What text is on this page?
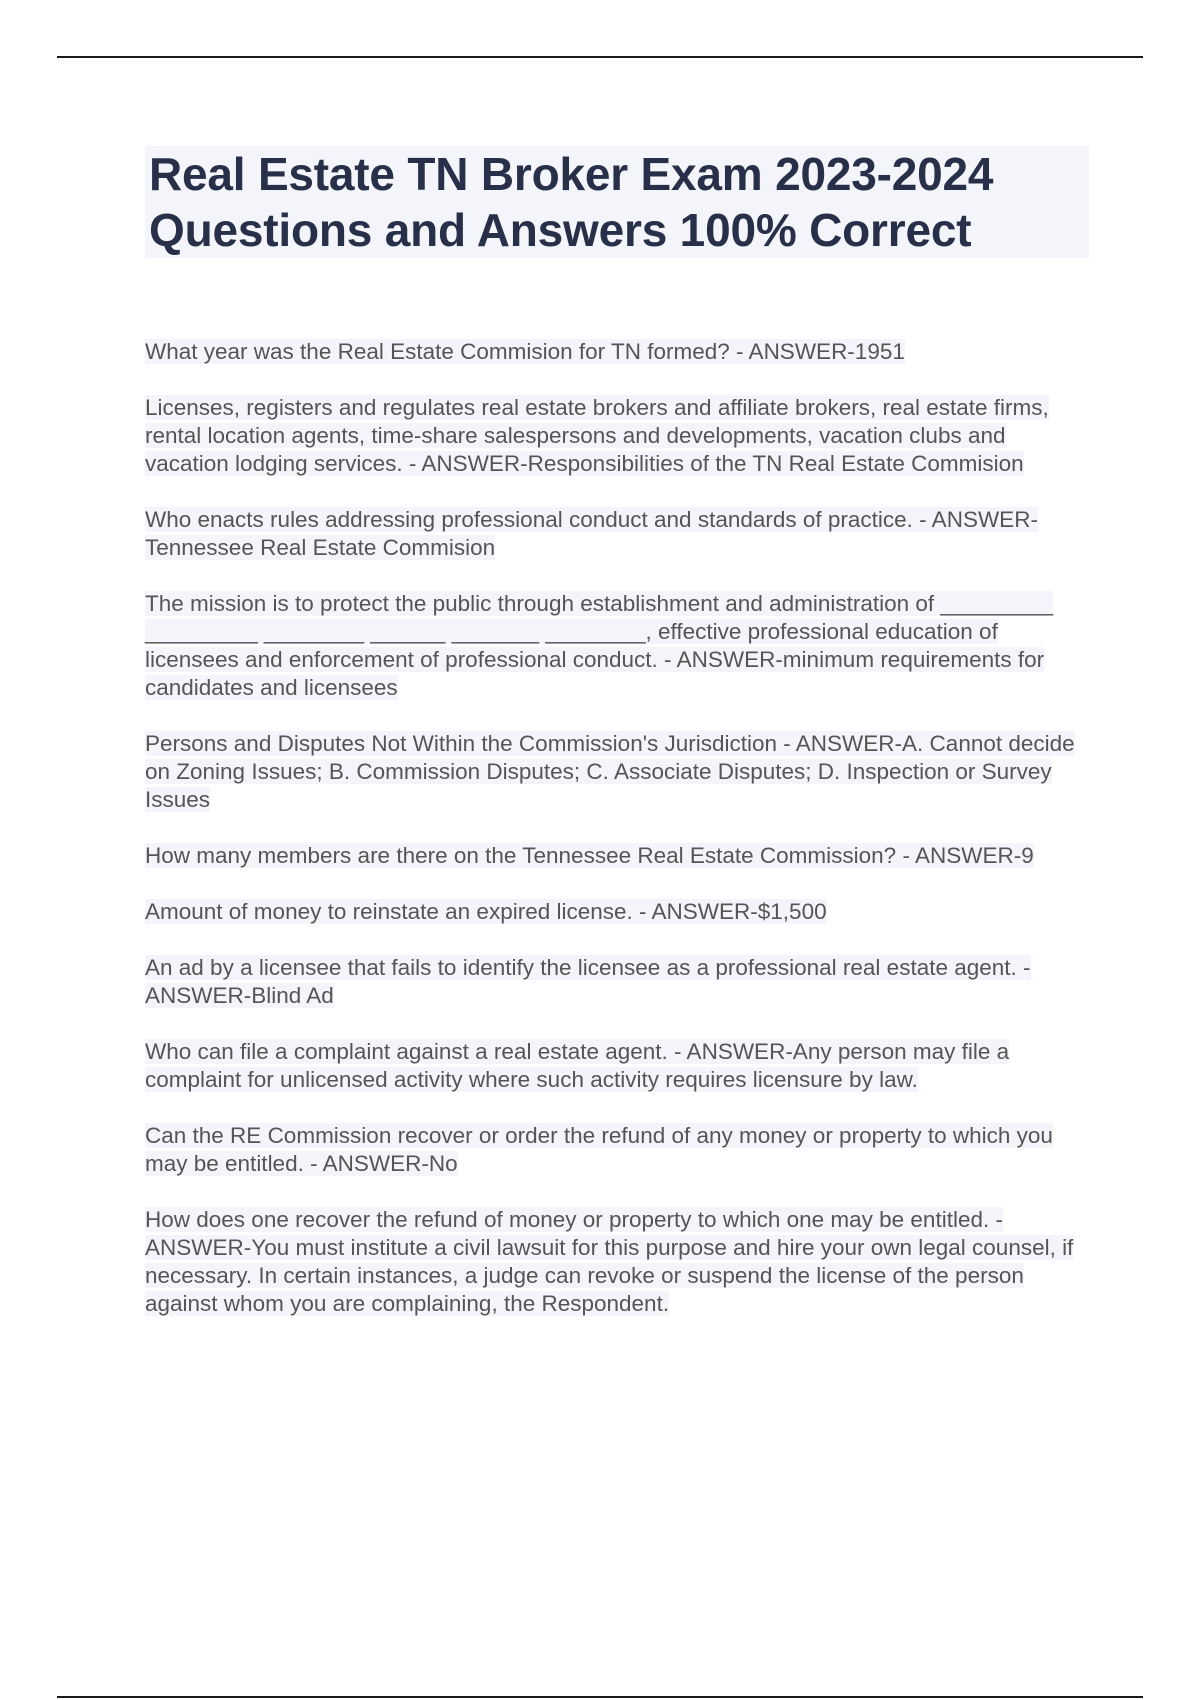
Real Estate TN Broker Exam 2023-2024
Questions and Answers 100% Correct

What year was the Real Estate Commision for TN formed? - ANSWER-1951

Licenses, registers and regulates real estate brokers and affiliate brokers, real estate firms, rental location agents, time-share salespersons and developments, vacation clubs and vacation lodging services. - ANSWER-Responsibilities of the TN Real Estate Commision

Who enacts rules addressing professional conduct and standards of practice. - ANSWER-Tennessee Real Estate Commision

The mission is to protect the public through establishment and administration of _________ _________ ________ ______ _______ ________, effective professional education of licensees and enforcement of professional conduct. - ANSWER-minimum requirements for candidates and licensees

Persons and Disputes Not Within the Commission's Jurisdiction - ANSWER-A. Cannot decide on Zoning Issues; B. Commission Disputes; C. Associate Disputes; D. Inspection or Survey Issues

How many members are there on the Tennessee Real Estate Commission? - ANSWER-9

Amount of money to reinstate an expired license. - ANSWER-$1,500

An ad by a licensee that fails to identify the licensee as a professional real estate agent. - ANSWER-Blind Ad

Who can file a complaint against a real estate agent. - ANSWER-Any person may file a complaint for unlicensed activity where such activity requires licensure by law.

Can the RE Commission recover or order the refund of any money or property to which you may be entitled. - ANSWER-No

How does one recover the refund of money or property to which one may be entitled. - ANSWER-You must institute a civil lawsuit for this purpose and hire your own legal counsel, if necessary. In certain instances, a judge can revoke or suspend the license of the person against whom you are complaining, the Respondent.
